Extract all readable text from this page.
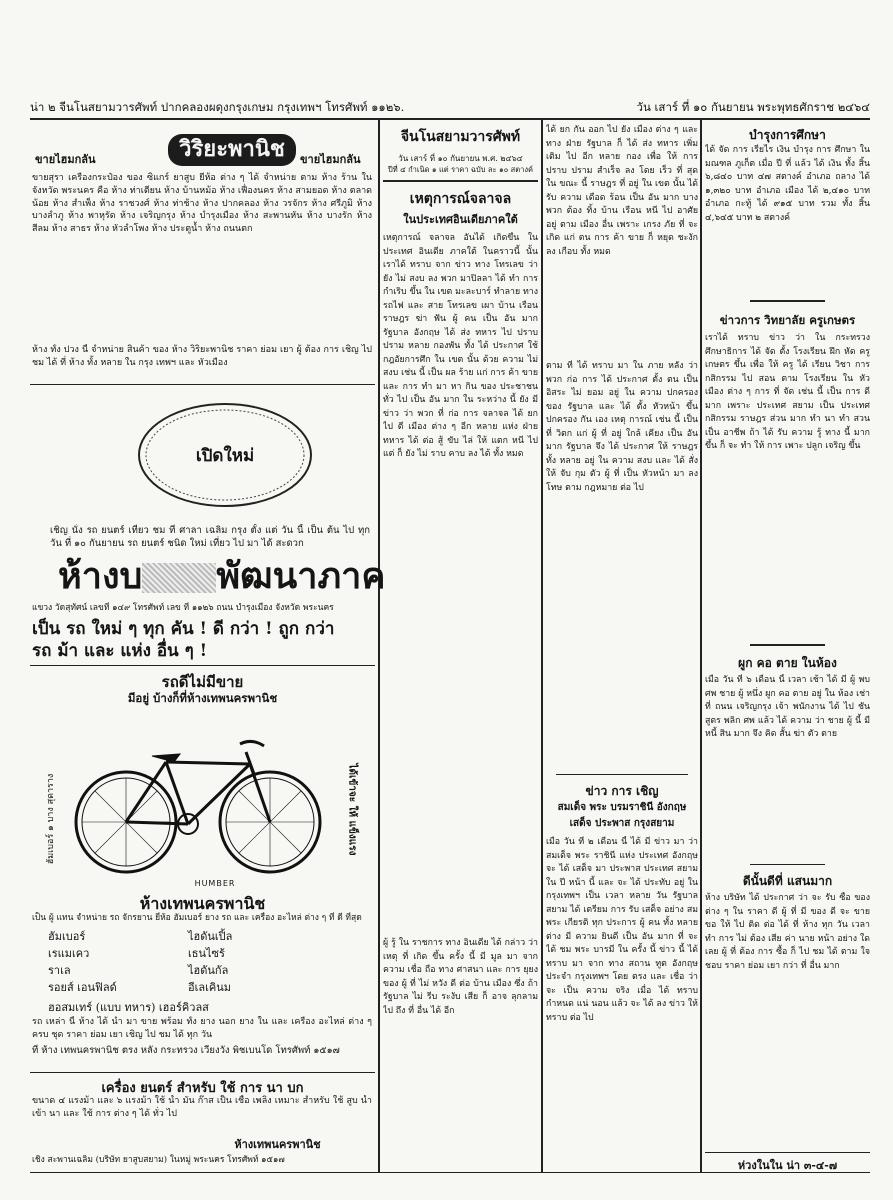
น่า ๒ จีนโนสยามวารศัพท์ ปากคลองผดุงกรุงเกษม กรุงเทพฯ โทรศัพท์ ๑๑๒๖.	วัน เสาร์ ที่ ๑๐ กันยายน พระพุทธศักราช ๒๔๖๔
ขายไฮมกลัน	วิริยะพานิช	ขายไฮมกลัน
ขายสุรา เครื่องกระป๋อง ของ ซิแกร์ ยาสูบ ยี่ห้อ ต่าง ๆ ได้ จำหน่าย ตาม ห้าง ร้าน ในจังหวัด พระนคร คือ ห้าง ท่าเตียน ห้าง บ้านหม้อ ห้าง เฟื่องนคร ห้าง สามยอด ห้าง ตลาดน้อย ห้าง สำเพ็ง ห้าง ราชวงศ์ ห้าง ท่าช้าง ห้าง ปากคลอง ห้าง วรจักร ห้าง ศรีภูมิ ห้าง บางลำภู ห้าง พาหุรัด ห้าง เจริญกรุง ห้าง บำรุงเมือง ห้าง สะพานหัน ห้าง บางรัก ห้าง สีลม ห้าง สาธร ห้าง หัวลำโพง ห้าง ประตูน้ำ ห้าง ถนนตก
ห้าง ทั้ง ปวง นี้ จำหน่าย สินค้า ของ ห้าง วิริยะพานิช ราคา ย่อม เยา ผู้ ต้อง การ เชิญ ไป ชม ได้ ที่ ห้าง ทั้ง หลาย ใน กรุง เทพฯ และ หัวเมือง
เปิดใหม่
เชิญ นั่ง รถ ยนตร์ เที่ยว ชม ที่ ศาลา เฉลิม กรุง ตั้ง แต่ วัน นี้ เป็น ต้น ไป ทุก วัน ที่ ๑๐ กันยายน รถ ยนตร์ ชนิด ใหม่ เที่ยว ไป มา ได้ สะดวก
ห้างบ พัฒนาภาค
แขวง วัดสุทัศน์ เลขที่ ๑๔๙ โทรศัพท์ เลข ที่ ๑๑๒๖ ถนน บำรุงเมือง จังหวัด พระนคร
เป็น รถ ใหม่ ๆ ทุก คัน ! ดี กว่า ! ถูก กว่า
รถ ม้า และ แห่ง อื่น ๆ !
รถดีไม่มีขาย
มีอยู่ บ้างก็ที่ห้างเทพนครพานิช
ฮัมเบอร์ ๑ บาง สุดาราง	ได้เข้าจะ ให้ แข็งแรง
HUMBER
ห้างเทพนครพานิช
เป็น ผู้ แทน จำหน่าย รถ จักรยาน ยี่ห้อ ฮัมเบอร์ ยาง รถ และ เครื่อง อะไหล่ ต่าง ๆ ที่ ดี ที่สุด
ฮัมเบอร์	ไฮดันเปิ้ล
เรแมเคว	เธนไซร้
ราเล	ไฮดันกัล
รอยส์ เอนฟิลด์	อีเลเคินม
ฮอสมเทร์ (แบบ ทหาร) เฮอร์คิวลส
รถ เหล่า นี้ ห้าง ได้ นำ มา ขาย พร้อม ทั้ง ยาง นอก ยาง ใน และ เครื่อง อะไหล่ ต่าง ๆ ครบ ชุด ราคา ย่อม เยา เชิญ ไป ชม ได้ ทุก วัน
ที่ ห้าง เทพนครพานิช ตรง หลัง กระทรวง เวียงวัง พิชเบนโด โทรศัพท์ ๑๕๑๗
เครื่อง ยนตร์ สำหรับ ใช้ การ นา บก
ขนาด ๔ แรงม้า และ ๖ แรงม้า ใช้ น้ำ มัน ก๊าส เป็น เชื้อ เพลิง เหมาะ สำหรับ ใช้ สูบ น้ำ เข้า นา และ ใช้ การ ต่าง ๆ ได้ ทั่ว ไป
ห้างเทพนครพานิช
เชิง สะพานเฉลิม (บริษัท ยาสูบสยาม) ในหมู่ พระนคร โทรศัพท์ ๑๕๑๗
จีนโนสยามวารศัพท์
วัน เสาร์ ที่ ๑๐ กันยายน พ.ศ. ๒๔๖๔
ปีที่ ๔ กำเนิด ๑ แต่ ราคา ฉบับ ละ ๑๐ สตางค์
เหตุการณ์จลาจล
ในประเทศอินเดียภาคใต้
เหตุการณ์ จลาจล อันได้ เกิดขึ้น ใน ประเทศ อินเดีย ภาคใต้ ในคราวนี้ นั้น เราได้ ทราบ จาก ข่าว ทาง โทรเลข ว่า ยัง ไม่ สงบ ลง พวก มาปิลลา ได้ ทำ การ กำเริบ ขึ้น ใน เขต มะละบาร์ ทำลาย ทาง รถไฟ และ สาย โทรเลข เผา บ้าน เรือน ราษฎร ฆ่า ฟัน ผู้ คน เป็น อัน มาก รัฐบาล อังกฤษ ได้ ส่ง ทหาร ไป ปราบ ปราม หลาย กองพัน ทั้ง ได้ ประกาศ ใช้ กฎอัยการศึก ใน เขต นั้น ด้วย ความ ไม่ สงบ เช่น นี้ เป็น ผล ร้าย แก่ การ ค้า ขาย และ การ ทำ มา หา กิน ของ ประชาชน ทั่ว ไป เป็น อัน มาก ใน ระหว่าง นี้ ยัง มี ข่าว ว่า พวก ที่ ก่อ การ จลาจล ได้ ยก ไป ตี เมือง ต่าง ๆ อีก หลาย แห่ง ฝ่าย ทหาร ได้ ต่อ สู้ ขับ ไล่ ให้ แตก หนี ไป แต่ ก็ ยัง ไม่ ราบ คาบ ลง ได้ ทั้ง หมด
ผู้ รู้ ใน ราชการ ทาง อินเดีย ได้ กล่าว ว่า เหตุ ที่ เกิด ขึ้น ครั้ง นี้ มี มูล มา จาก ความ เชื่อ ถือ ทาง ศาสนา และ การ ยุยง ของ ผู้ ที่ ไม่ หวัง ดี ต่อ บ้าน เมือง ซึ่ง ถ้า รัฐบาล ไม่ รีบ ระงับ เสีย ก็ อาจ ลุกลาม ไป ถึง ที่ อื่น ได้ อีก
ได้ ยก กัน ออก ไป ยัง เมือง ต่าง ๆ และ ทาง ฝ่าย รัฐบาล ก็ ได้ ส่ง ทหาร เพิ่ม เติม ไป อีก หลาย กอง เพื่อ ให้ การ ปราบ ปราม สำเร็จ ลง โดย เร็ว ที่ สุด ใน ขณะ นี้ ราษฎร ที่ อยู่ ใน เขต นั้น ได้ รับ ความ เดือด ร้อน เป็น อัน มาก บาง พวก ต้อง ทิ้ง บ้าน เรือน หนี ไป อาศัย อยู่ ตาม เมือง อื่น เพราะ เกรง ภัย ที่ จะ เกิด แก่ ตน การ ค้า ขาย ก็ หยุด ชะงัก ลง เกือบ ทั้ง หมด
ตาม ที่ ได้ ทราบ มา ใน ภาย หลัง ว่า พวก ก่อ การ ได้ ประกาศ ตั้ง ตน เป็น อิสระ ไม่ ยอม อยู่ ใน ความ ปกครอง ของ รัฐบาล และ ได้ ตั้ง หัวหน้า ขึ้น ปกครอง กัน เอง เหตุ การณ์ เช่น นี้ เป็น ที่ วิตก แก่ ผู้ ที่ อยู่ ใกล้ เคียง เป็น อัน มาก รัฐบาล จึง ได้ ประกาศ ให้ ราษฎร ทั้ง หลาย อยู่ ใน ความ สงบ และ ได้ สั่ง ให้ จับ กุม ตัว ผู้ ที่ เป็น หัวหน้า มา ลง โทษ ตาม กฎหมาย ต่อ ไป
ข่าว การ เชิญ
สมเด็จ พระ บรมราชินี อังกฤษ
เสด็จ ประพาส กรุงสยาม
เมื่อ วัน ที่ ๒ เดือน นี้ ได้ มี ข่าว มา ว่า สมเด็จ พระ ราชินี แห่ง ประเทศ อังกฤษ จะ ได้ เสด็จ มา ประพาส ประเทศ สยาม ใน ปี หน้า นี้ และ จะ ได้ ประทับ อยู่ ใน กรุงเทพฯ เป็น เวลา หลาย วัน รัฐบาล สยาม ได้ เตรียม การ รับ เสด็จ อย่าง สม พระ เกียรติ ทุก ประการ ผู้ คน ทั้ง หลาย ต่าง มี ความ ยินดี เป็น อัน มาก ที่ จะ ได้ ชม พระ บารมี ใน ครั้ง นี้ ข่าว นี้ ได้ ทราบ มา จาก ทาง สถาน ทูต อังกฤษ ประจำ กรุงเทพฯ โดย ตรง และ เชื่อ ว่า จะ เป็น ความ จริง เมื่อ ได้ ทราบ กำหนด แน่ นอน แล้ว จะ ได้ ลง ข่าว ให้ ทราบ ต่อ ไป
บำรุงการศึกษา
ได้ จัด การ เรี่ยไร เงิน บำรุง การ ศึกษา ใน มณฑล ภูเก็ต เมื่อ ปี ที่ แล้ว ได้ เงิน ทั้ง สิ้น ๖,๘๔๐ บาท ๔๗ สตางค์ อำเภอ ถลาง ได้ ๑,๓๒๐ บาท อำเภอ เมือง ได้ ๒,๔๑๐ บาท อำเภอ กะทู้ ได้ ๙๑๕ บาท รวม ทั้ง สิ้น ๔,๖๔๕ บาท ๒ สตางค์
ข่าวการ วิทยาลัย ครูเกษตร
เราได้ ทราบ ข่าว ว่า ใน กระทรวง ศึกษาธิการ ได้ จัด ตั้ง โรงเรียน ฝึก หัด ครู เกษตร ขึ้น เพื่อ ให้ ครู ได้ เรียน วิชา การ กสิกรรม ไป สอน ตาม โรงเรียน ใน หัว เมือง ต่าง ๆ การ ที่ จัด เช่น นี้ เป็น การ ดี มาก เพราะ ประเทศ สยาม เป็น ประเทศ กสิกรรม ราษฎร ส่วน มาก ทำ นา ทำ สวน เป็น อาชีพ ถ้า ได้ รับ ความ รู้ ทาง นี้ มาก ขึ้น ก็ จะ ทำ ให้ การ เพาะ ปลูก เจริญ ขึ้น
ผูก คอ ตาย ในห้อง
เมื่อ วัน ที่ ๖ เดือน นี้ เวลา เช้า ได้ มี ผู้ พบ ศพ ชาย ผู้ หนึ่ง ผูก คอ ตาย อยู่ ใน ห้อง เช่า ที่ ถนน เจริญกรุง เจ้า พนักงาน ได้ ไป ชัน สูตร พลิก ศพ แล้ว ได้ ความ ว่า ชาย ผู้ นี้ มี หนี้ สิน มาก จึง คิด สั้น ฆ่า ตัว ตาย
ดีนั้นดีที่ แสนมาก
ห้าง บริษัท ได้ ประกาศ ว่า จะ รับ ซื้อ ของ ต่าง ๆ ใน ราคา ดี ผู้ ที่ มี ของ ดี จะ ขาย ขอ ให้ ไป ติด ต่อ ได้ ที่ ห้าง ทุก วัน เวลา ทำ การ ไม่ ต้อง เสีย ค่า นาย หน้า อย่าง ใด เลย ผู้ ที่ ต้อง การ ซื้อ ก็ ไป ชม ได้ ตาม ใจ ชอบ ราคา ย่อม เยา กว่า ที่ อื่น มาก
ห่วงในใน น่า ๓-๔-๗
